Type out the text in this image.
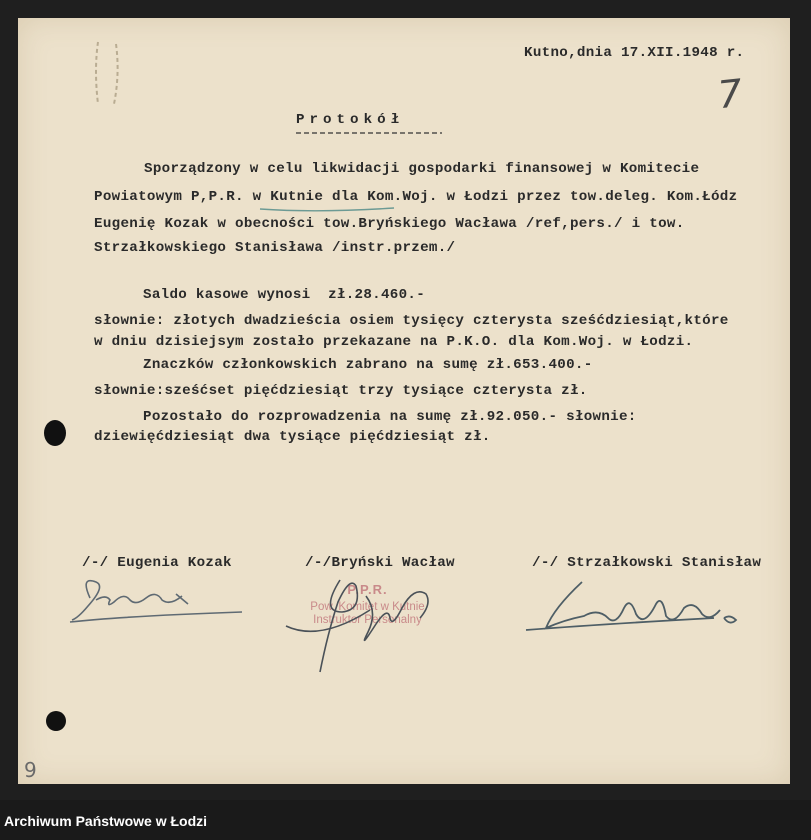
7
Kutno,dnia 17.XII.1948 r.
Protokół
Sporządzony w celu likwidacji gospodarki finansowej w Komitecie
Powiatowym P,P.R. w Kutnie dla Kom.Woj. w Łodzi przez tow.deleg. Kom.Łódz
Eugenię Kozak w obecności tow.Bryńskiego Wacława /ref,pers./ i tow.
Strzałkowskiego Stanisława /instr.przem./
Saldo kasowe wynosi  zł.28.460.-
słownie: złotych dwadzieścia osiem tysięcy czterysta sześćdziesiąt,które
w dniu dzisiejsym zostało przekazane na P.K.O. dla Kom.Woj. w Łodzi.
Znaczków członkowskich zabrano na sumę zł.653.400.-
słownie:sześćset pięćdziesiąt trzy tysiące czterysta zł.
Pozostało do rozprowadzenia na sumę zł.92.050.- słownie:
dziewięćdziesiąt dwa tysiące pięćdziesiąt zł.
/-/ Eugenia Kozak	/-/Bryński Wacław	/-/ Strzałkowski Stanisław
P.P.R.
Pow. Komitet w Kutnie
Instruktor Personalny
9
Archiwum Państwowe w Łodzi
